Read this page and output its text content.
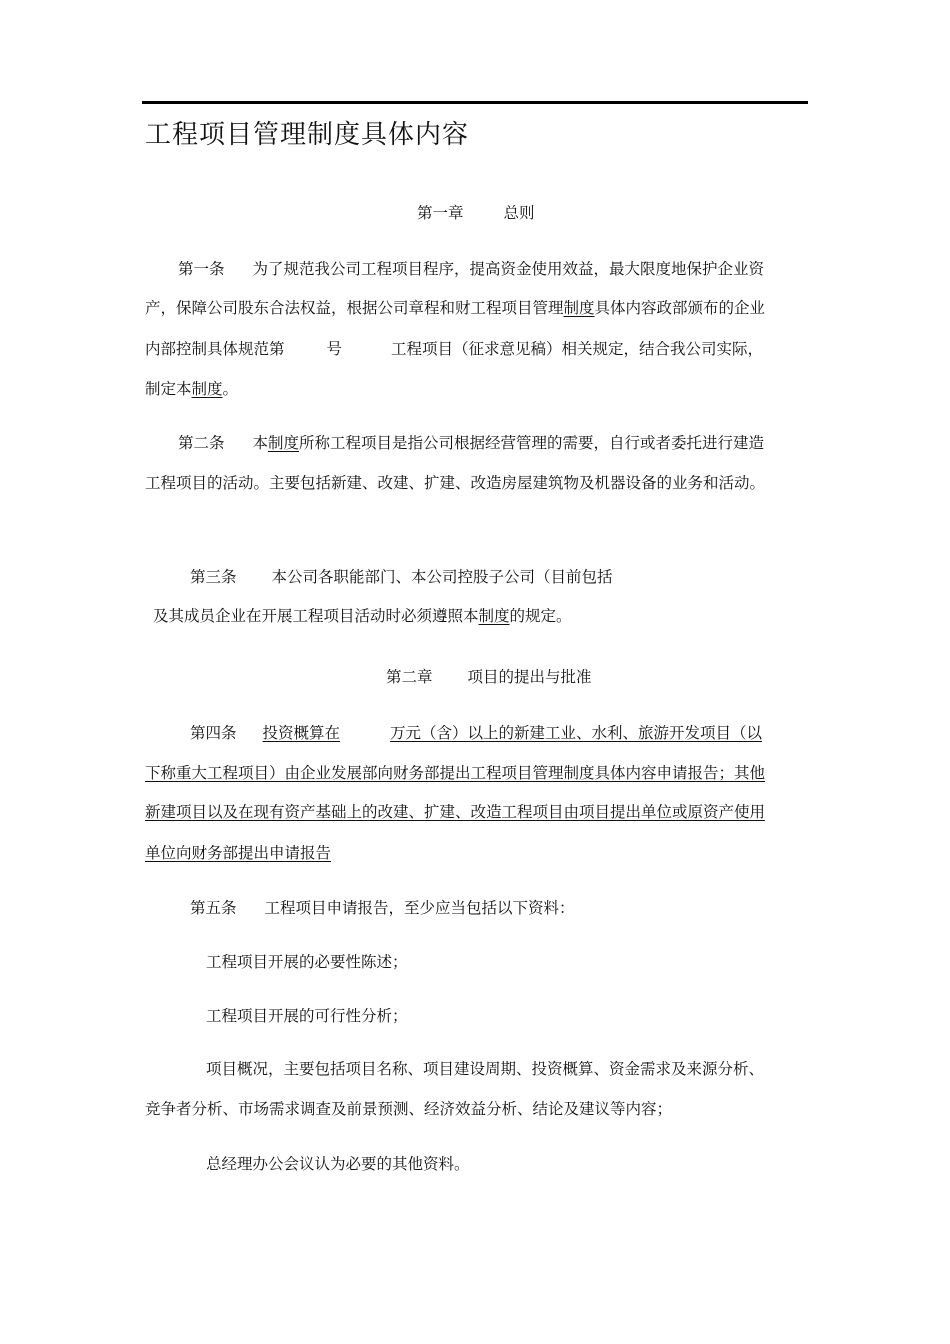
工程项目管理制度具体内容
第一章	总则
第一条 为了规范我公司工程项目程序，提高资金使用效益，最大限度地保护企业资
产，保障公司股东合法权益，根据公司章程和财工程项目管理制度具体内容政部颁布的企业
内部控制具体规范第	号	工程项目（征求意见稿）相关规定，结合我公司实际，
制定本制度。
第二条 本制度所称工程项目是指公司根据经营管理的需要，自行或者委托进行建造
工程项目的活动。主要包括新建、改建、扩建、改造房屋建筑物及机器设备的业务和活动。
第三条 本公司各职能部门、本公司控股子公司（目前包括
及其成员企业在开展工程项目活动时必须遵照本制度的规定。
第二章 项目的提出与批准
第四条 投资概算在	万元（含）以上的新建工业、水利、旅游开发项目（以
下称重大工程项目）由企业发展部向财务部提出工程项目管理制度具体内容申请报告；其他
新建项目以及在现有资产基础上的改建、扩建、改造工程项目由项目提出单位或原资产使用
单位向财务部提出申请报告
第五条 工程项目申请报告，至少应当包括以下资料：
工程项目开展的必要性陈述；
工程项目开展的可行性分析；
项目概况，主要包括项目名称、项目建设周期、投资概算、资金需求及来源分析、
竞争者分析、市场需求调查及前景预测、经济效益分析、结论及建议等内容；
总经理办公会议认为必要的其他资料。
